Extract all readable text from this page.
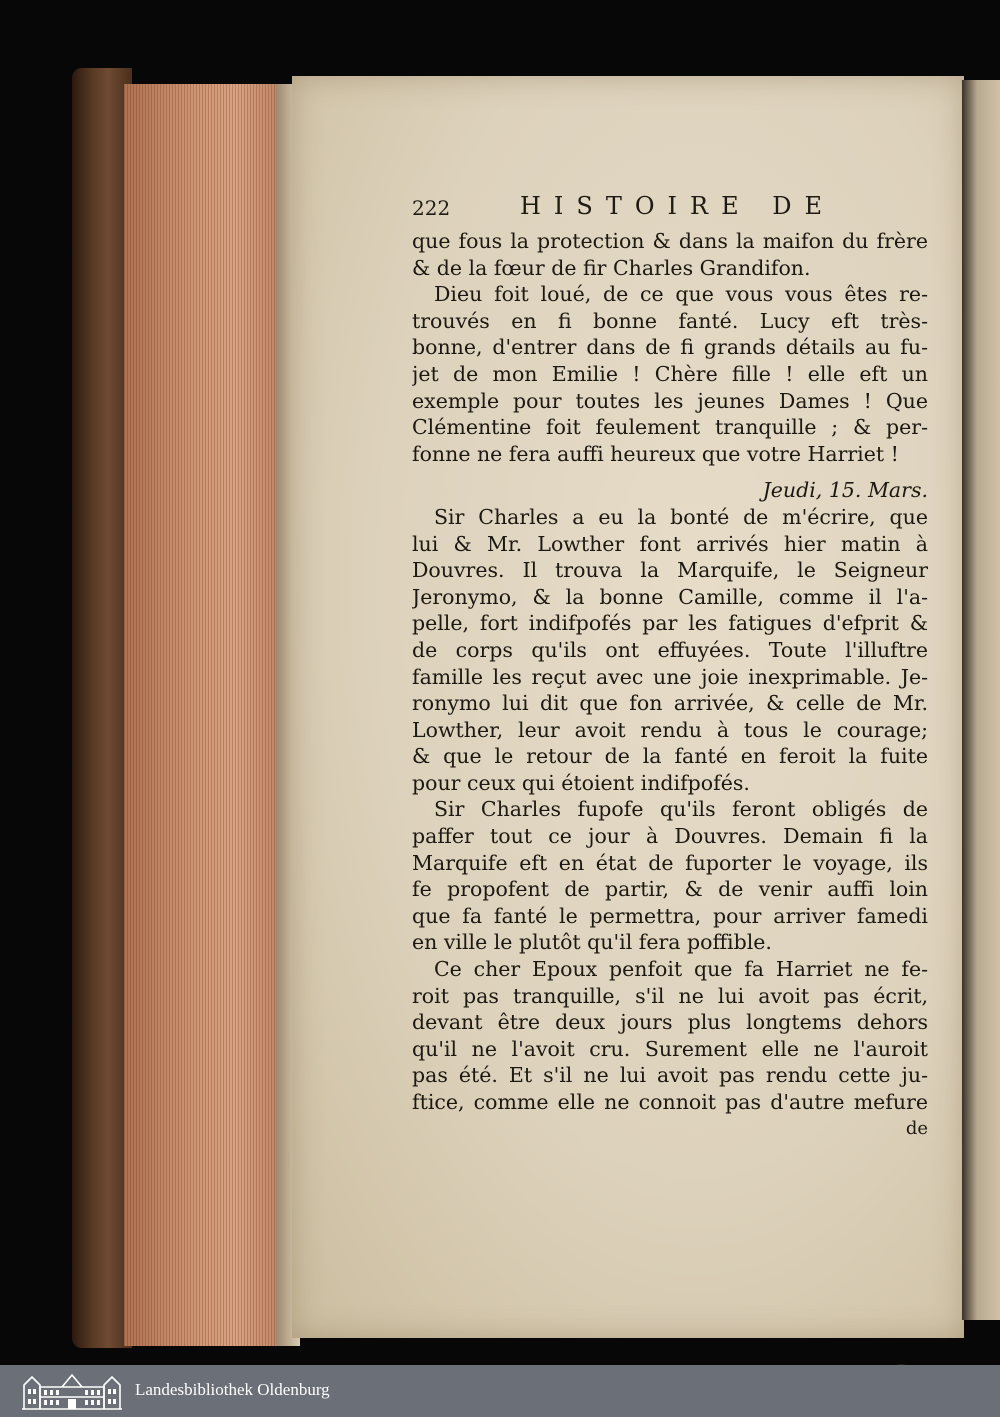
222	HISTOIRE DE
que fous la protection & dans la maifon du frère
& de la fœur de fir Charles Grandifon.
Dieu foit loué, de ce que vous vous êtes re-
trouvés en fi bonne fanté. Lucy eft très-
bonne, d'entrer dans de fi grands détails au fu-
jet de mon Emilie ! Chère fille ! elle eft un
exemple pour toutes les jeunes Dames ! Que
Clémentine foit feulement tranquille ; & per-
fonne ne fera auffi heureux que votre Harriet !
Jeudi, 15. Mars.
Sir Charles a eu la bonté de m'écrire, que
lui & Mr. Lowther font arrivés hier matin à
Douvres. Il trouva la Marquife, le Seigneur
Jeronymo, & la bonne Camille, comme il l'a-
pelle, fort indifpofés par les fatigues d'efprit &
de corps qu'ils ont effuyées. Toute l'illuftre
famille les reçut avec une joie inexprimable. Je-
ronymo lui dit que fon arrivée, & celle de Mr.
Lowther, leur avoit rendu à tous le courage;
& que le retour de la fanté en feroit la fuite
pour ceux qui étoient indifpofés.
Sir Charles fupofe qu'ils feront obligés de
paffer tout ce jour à Douvres. Demain fi la
Marquife eft en état de fuporter le voyage, ils
fe propofent de partir, & de venir auffi loin
que fa fanté le permettra, pour arriver famedi
en ville le plutôt qu'il fera poffible.
Ce cher Epoux penfoit que fa Harriet ne fe-
roit pas tranquille, s'il ne lui avoit pas écrit,
devant être deux jours plus longtems dehors
qu'il ne l'avoit cru. Surement elle ne l'auroit
pas été. Et s'il ne lui avoit pas rendu cette ju-
ftice, comme elle ne connoit pas d'autre mefure
de
Landesbibliothek Oldenburg
